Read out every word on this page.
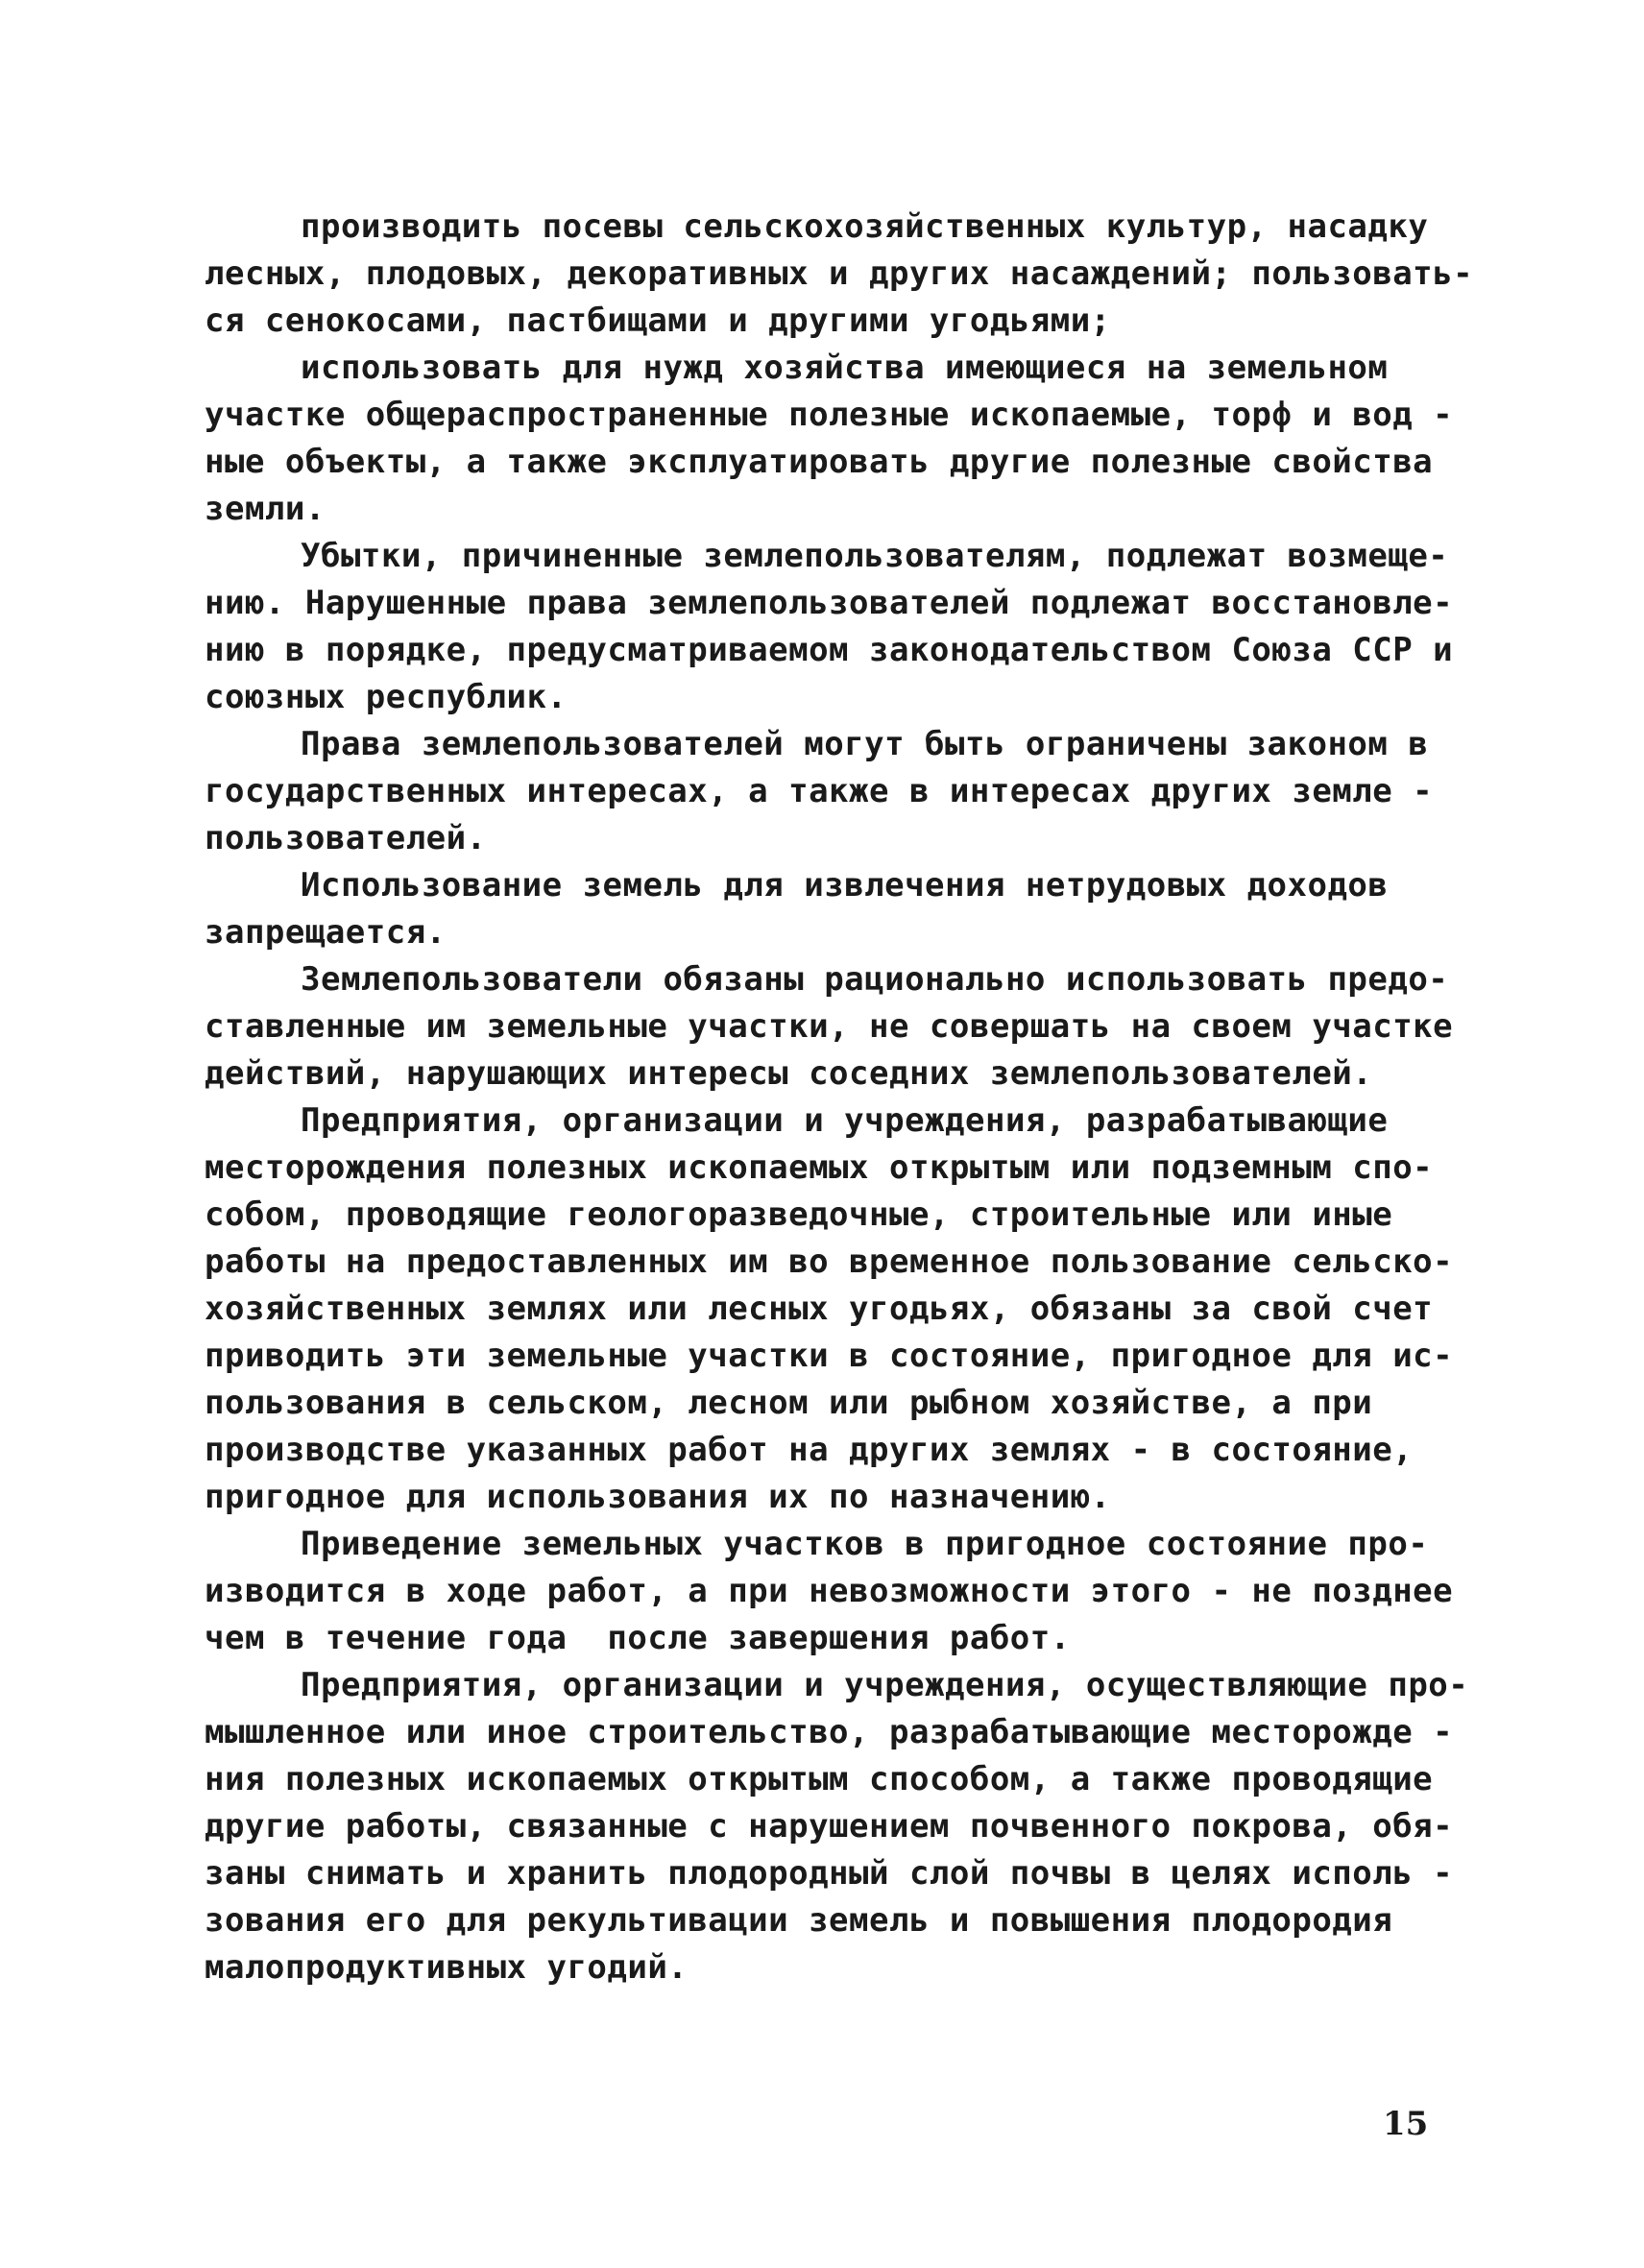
производить посевы сельскохозяйственных культур, насадку
лесных, плодовых, декоративных и других насаждений; пользовать-
ся сенокосами, пастбищами и другими угодьями;
использовать для нужд хозяйства имеющиеся на земельном
участке общераспространенные полезные ископаемые, торф и вод -
ные объекты, а также эксплуатировать другие полезные свойства
земли.
Убытки, причиненные землепользователям, подлежат возмеще-
нию. Нарушенные права землепользователей подлежат восстановле-
нию в порядке, предусматриваемом законодательством Союза ССР и
союзных республик.
Права землепользователей могут быть ограничены законом в
государственных интересах, а также в интересах других земле -
пользователей.
Использование земель для извлечения нетрудовых доходов
запрещается.
Землепользователи обязаны рационально использовать предо-
ставленные им земельные участки, не совершать на своем участке
действий, нарушающих интересы соседних землепользователей.
Предприятия, организации и учреждения, разрабатывающие
месторождения полезных ископаемых открытым или подземным спо-
собом, проводящие геологоразведочные, строительные или иные
работы на предоставленных им во временное пользование сельско-
хозяйственных землях или лесных угодьях, обязаны за свой счет
приводить эти земельные участки в состояние, пригодное для ис-
пользования в сельском, лесном или рыбном хозяйстве, а при
производстве указанных работ на других землях - в состояние,
пригодное для использования их по назначению.
Приведение земельных участков в пригодное состояние про-
изводится в ходе работ, а при невозможности этого - не позднее
чем в течение года  после завершения работ.
Предприятия, организации и учреждения, осуществляющие про-
мышленное или иное строительство, разрабатывающие месторожде -
ния полезных ископаемых открытым способом, а также проводящие
другие работы, связанные с нарушением почвенного покрова, обя-
заны снимать и хранить плодородный слой почвы в целях исполь -
зования его для рекультивации земель и повышения плодородия
малопродуктивных угодий.
15
